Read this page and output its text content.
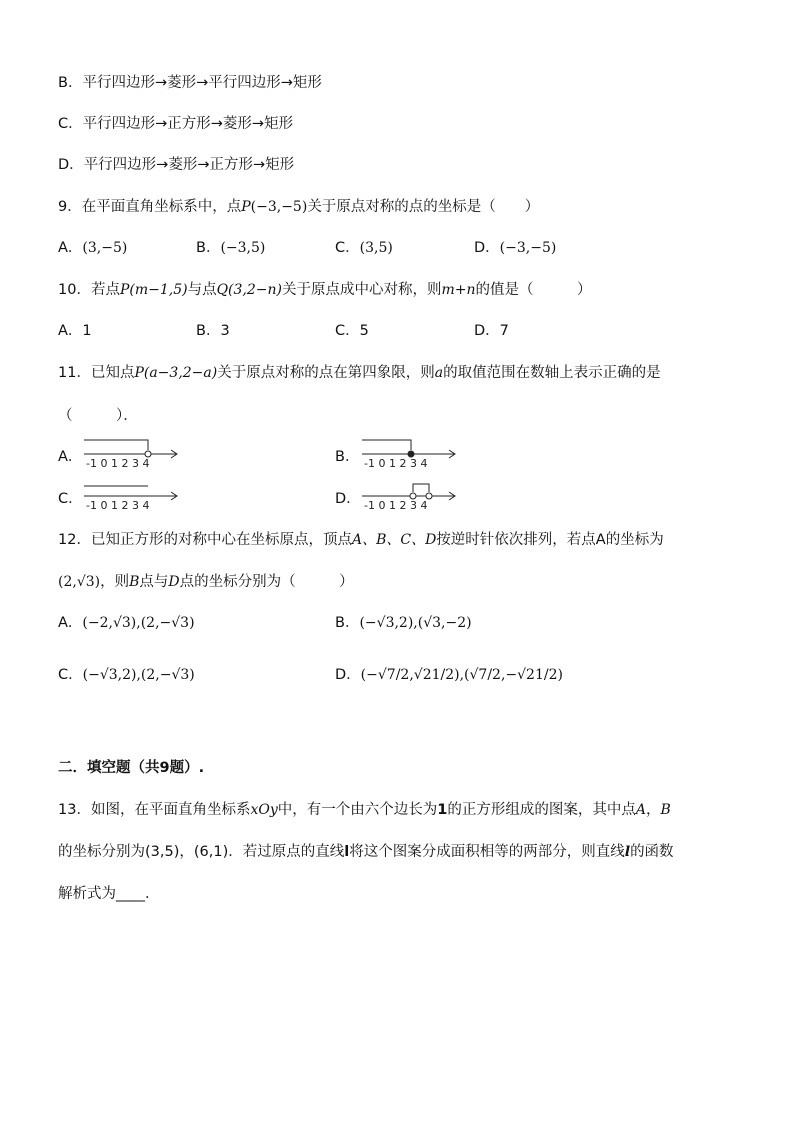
B．平行四边形→菱形→平行四边形→矩形
C．平行四边形→正方形→菱形→矩形
D．平行四边形→菱形→正方形→矩形
9．在平面直角坐标系中，点P(−3,−5)关于原点对称的点的坐标是（　　）
A．(3,−5)	B．(−3,5)	C．(3,5)	D．(−3,−5)
10．若点P(m−1,5)与点Q(3,2−n)关于原点成中心对称，则m+n的值是（　　　）
A．1	B．3	C．5	D．7
11．已知点P(a−3,2−a)关于原点对称的点在第四象限，则a的取值范围在数轴上表示正确的是
（　　　）．
A． -1 0 1 2 3 4	B． -1 0 1 2 3 4
C． -1 0 1 2 3 4	D． -1 0 1 2 3 4
12．已知正方形的对称中心在坐标原点，顶点A、B、C、D按逆时针依次排列，若点A的坐标为
(2,√3)，则B点与D点的坐标分别为（　　　）
A．(−2,√3),(2,−√3)	B．(−√3,2),(√3,−2)
C．(−√3,2),(2,−√3)	D．(−√7/2,√21/2),(√7/2,−√21/2)
二．填空题（共9题）.
13．如图，在平面直角坐标系xOy中，有一个由六个边长为1的正方形组成的图案，其中点A，B
的坐标分别为(3,5)，(6,1)．若过原点的直线l将这个图案分成面积相等的两部分，则直线l的函数
解析式为____．
